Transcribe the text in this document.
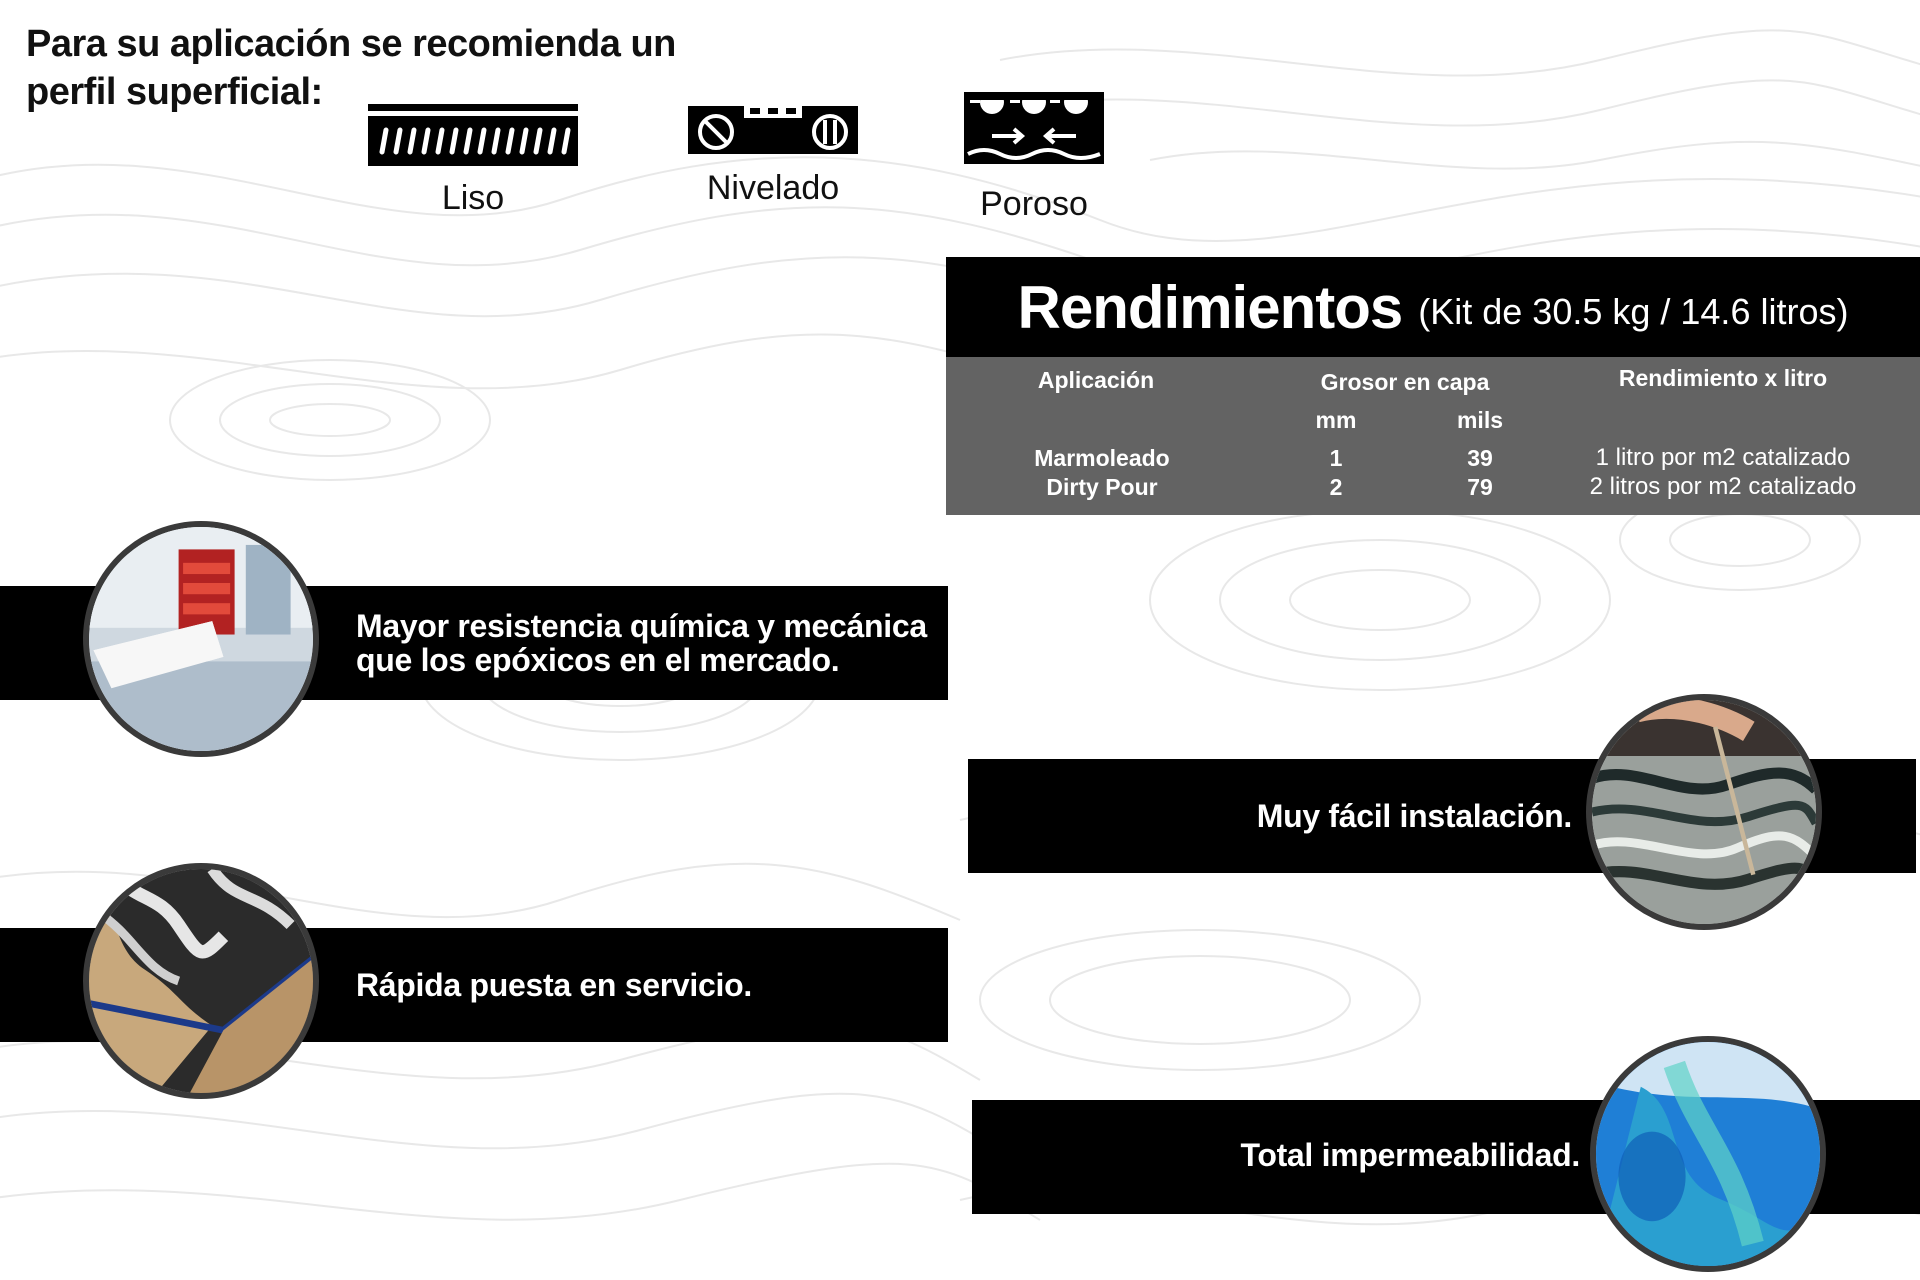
Para su aplicación se recomienda un perfil superficial:
Liso	Nivelado	Poroso
Rendimientos (Kit de 30.5 kg / 14.6 litros)
Aplicación	Grosor en capa	Rendimiento x litro
mm	mils
Marmoleado	1	39	1 litro por m2 catalizado
Dirty Pour	2	79	2 litros por m2 catalizado
Mayor resistencia química y mecánica que los epóxicos en el mercado.
Rápida puesta en servicio.
Muy fácil instalación.
Total impermeabilidad.
